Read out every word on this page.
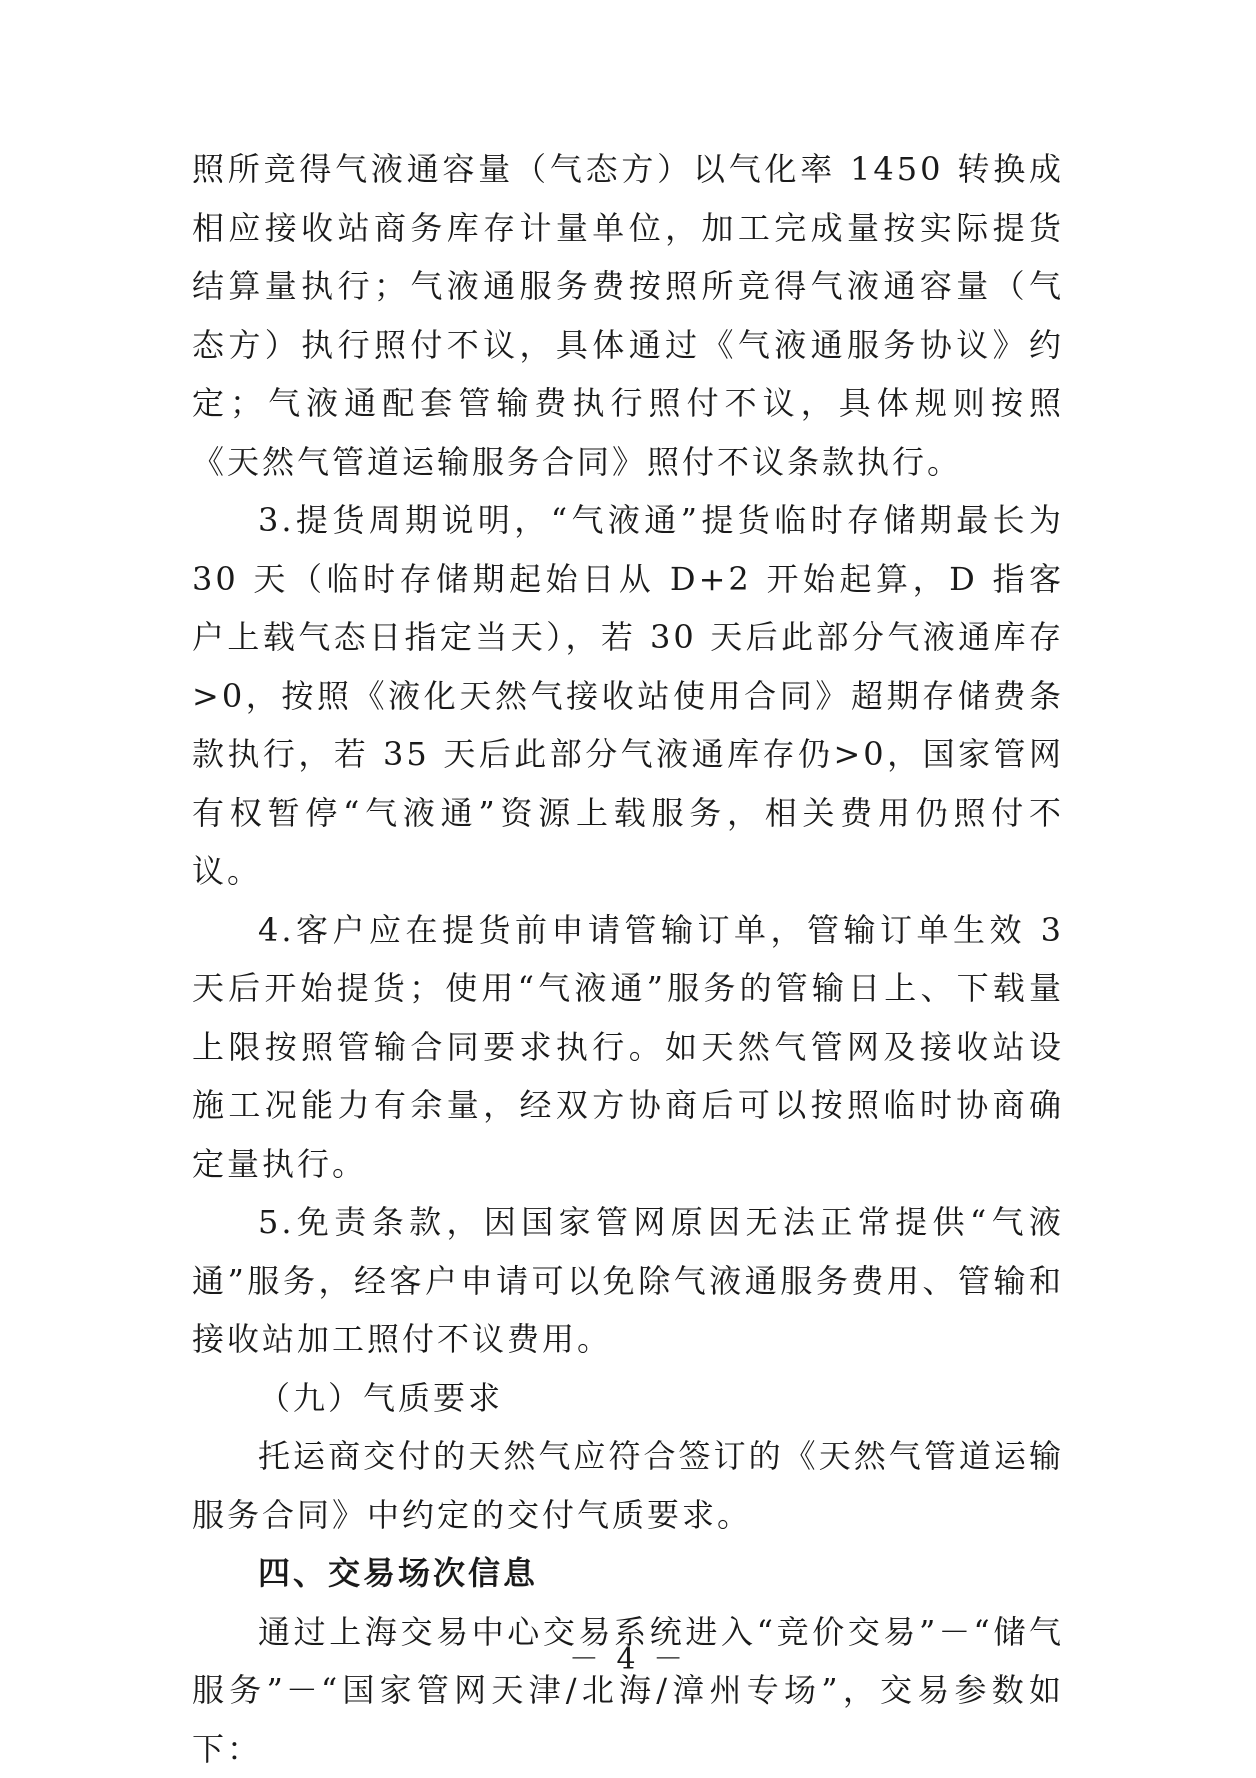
照所竞得气液通容量（气态方）以气化率 1450 转换成相应接收站商务库存计量单位，加工完成量按实际提货结算量执行；气液通服务费按照所竞得气液通容量（气态方）执行照付不议，具体通过《气液通服务协议》约定；气液通配套管输费执行照付不议，具体规则按照《天然气管道运输服务合同》照付不议条款执行。

3.提货周期说明，“气液通”提货临时存储期最长为 30 天（临时存储期起始日从 D+2 开始起算，D 指客户上载气态日指定当天），若 30 天后此部分气液通库存>0，按照《液化天然气接收站使用合同》超期存储费条款执行，若 35 天后此部分气液通库存仍>0，国家管网有权暂停“气液通”资源上载服务，相关费用仍照付不议。

4.客户应在提货前申请管输订单，管输订单生效 3 天后开始提货；使用“气液通”服务的管输日上、下载量上限按照管输合同要求执行。如天然气管网及接收站设施工况能力有余量，经双方协商后可以按照临时协商确定量执行。

5.免责条款，因国家管网原因无法正常提供“气液通”服务，经客户申请可以免除气液通服务费用、管输和接收站加工照付不议费用。

（九）气质要求

托运商交付的天然气应符合签订的《天然气管道运输服务合同》中约定的交付气质要求。

四、交易场次信息

通过上海交易中心交易系统进入“竞价交易”－“储气服务”－“国家管网天津/北海/漳州专场”，交易参数如下：

－ 4 －
